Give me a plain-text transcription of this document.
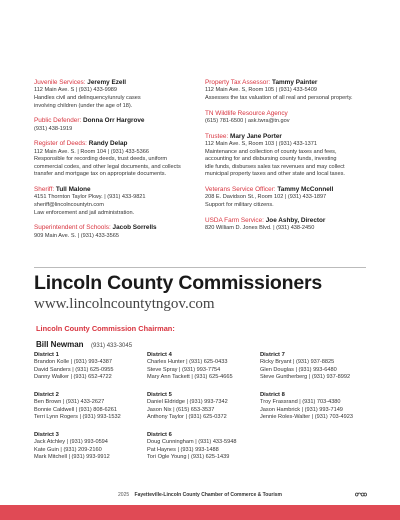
Juvenile Services: Jeremy Ezell
112 Main Ave. S | (931) 433-9989
Handles civil and delinquency/unruly cases
involving children (under the age of 18).
Public Defender: Donna Orr Hargrove
(931) 438-1919
Register of Deeds: Randy Delap
112 Main Ave. S. | Room 104 | (931) 433-5366
Responsible for recording deeds, trust deeds, uniform
commercial codes, and other legal documents, and collects
transfer and mortgage tax on appropriate documents.
Sheriff: Tull Malone
4151 Thornton Taylor Pkwy. | (931) 433-9821
sheriff@lincolncountytn.com
Law enforcement and jail administration.
Superintendent of Schools: Jacob Sorrells
909 Main Ave. S. | (931) 433-3565
Property Tax Assessor: Tammy Painter
112 Main Ave. S, Room 105 | (931) 433-5409
Assesses the tax valuation of all real and personal property.
TN Wildlife Resource Agency
(615) 781-6500 | ask.twra@tn.gov
Trustee: Mary Jane Porter
112 Main Ave. S, Room 103 | (931) 433-1371
Maintenance and collection of county taxes and fees,
accounting for and disbursing county funds, investing
idle funds, disburses sales tax revenues and may collect
municipal property taxes and other state and local taxes.
Veterans Service Officer: Tammy McConnell
208 E. Davidson St., Room 102 | (931) 433-1897
Support for military citizens.
USDA Farm Service: Joe Ashby, Director
820 William D. Jones Blvd. | (931) 438-2450
Lincoln County Commissioners
www.lincolncountytngov.com
Lincoln County Commission Chairman:
Bill Newman (931) 433-3045
District 1
Brandon Kolle | (931) 993-4387
David Sanders | (931) 625-0955
Danny Walker | (931) 652-4722
District 4
Charles Hunter | (931) 625-0433
Steve Spray | (931) 993-7754
Mary Ann Tackett | (931) 625-4665
District 7
Ricky Bryant | (931) 937-8825
Glen Douglas | (931) 993-6480
Steve Guntherberg | (931) 937-8992
District 2
Ben Brown | (931) 433-2627
Bonnie Caldwell | (931) 808-6261
Terri Lynn Rogers | (931) 993-1532
District 5
Daniel Eldridge | (931) 993-7342
Jason Nix | (615) 653-3537
Anthony Taylor | (931) 625-0372
District 8
Troy Frassrand | (931) 703-4380
Jason Hambrick | (931) 993-7149
Jennie Roles-Walter | (931) 703-4923
District 3
Jack Atchley | (931) 993-0594
Kate Guin | (931) 209-2160
Mark Mitchell | (931) 993-9912
District 6
Doug Cunningham | (931) 433-5948
Pat Haynes | (931) 993-1488
Tori Ogle Young | (931) 625-1439
2025 Fayetteville-Lincoln County Chamber of Commerce & Tourism
